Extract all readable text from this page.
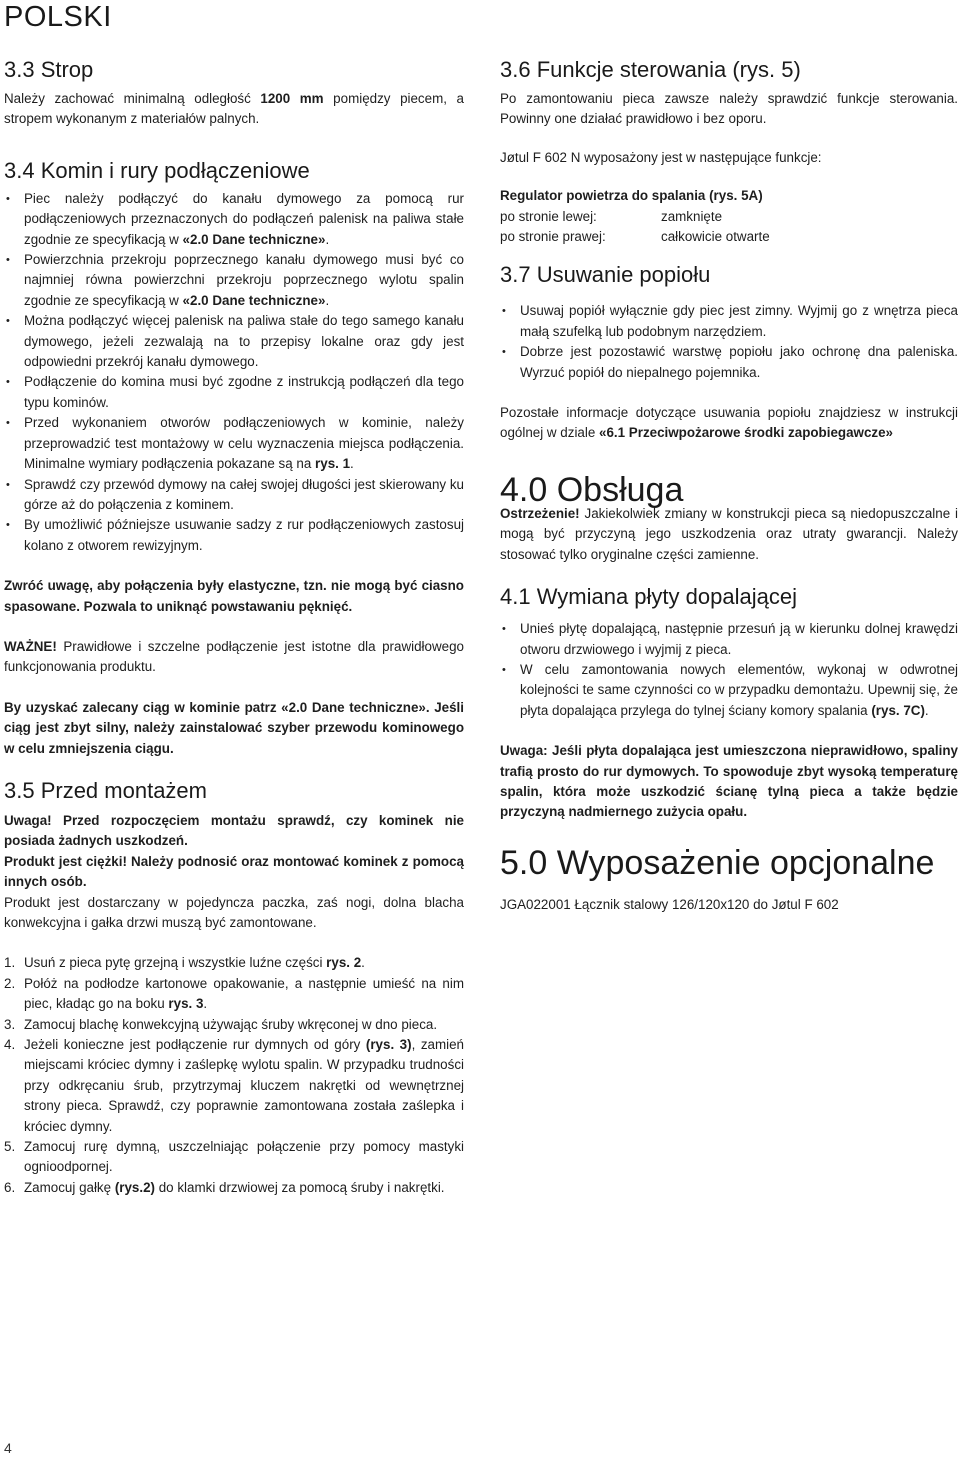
POLSKI
3.3 Strop

Należy zachować minimalną odległość 1200 mm pomiędzy piecem, a stropem wykonanym z materiałów palnych.

3.4 Komin i rury podłączeniowe
• Piec należy podłączyć do kanału dymowego za pomocą rur podłączeniowych przeznaczonych do podłączeń palenisk na paliwa stałe zgodnie ze specyfikacją w «2.0 Dane techniczne».
• Powierzchnia przekroju poprzecznego kanału dymowego musi być co najmniej równa powierzchni przekroju poprzecznego wylotu spalin zgodnie ze specyfikacją w «2.0 Dane techniczne».
• Można podłączyć więcej palenisk na paliwa stałe do tego samego kanału dymowego, jeżeli zezwalają na to przepisy lokalne oraz gdy jest odpowiedni przekrój kanału dymowego.
• Podłączenie do komina musi być zgodne z instrukcją podłączeń dla tego typu kominów.
• Przed wykonaniem otworów podłączeniowych w kominie, należy przeprowadzić test montażowy w celu wyznaczenia miejsca podłączenia. Minimalne wymiary podłączenia pokazane są na rys. 1.
• Sprawdź czy przewód dymowy na całej swojej długości jest skierowany ku górze aż do połączenia z kominem.
• By umożliwić późniejsze usuwanie sadzy z rur podłączeniowych zastosuj kolano z otworem rewizyjnym.

Zwróć uwagę, aby połączenia były elastyczne, tzn. nie mogą być ciasno spasowane. Pozwala to uniknąć powstawaniu pęknięć.

WAŻNE! Prawidłowe i szczelne podłączenie jest istotne dla prawidłowego funkcjonowania produktu.

By uzyskać zalecany ciąg w kominie patrz «2.0 Dane techniczne». Jeśli ciąg jest zbyt silny, należy zainstalować szyber przewodu kominowego w celu zmniejszenia ciągu.

3.5 Przed montażem

Uwaga! Przed rozpoczęciem montażu sprawdź, czy kominek nie posiada żadnych uszkodzeń.

Produkt jest ciężki! Należy podnosić oraz montować kominek z pomocą innych osób.

Produkt jest dostarczany w pojedyncza paczka, zaś nogi, dolna blacha konwekcyjna i gałka drzwi muszą być zamontowane.

1. Usuń z pieca pytę grzejną i wszystkie luźne części rys. 2.
2. Połóż na podłodze kartonowe opakowanie, a następnie umieść na nim piec, kładąc go na boku rys. 3.
3. Zamocuj blachę konwekcyjną używając śruby wkręconej w dno pieca.
4. Jeżeli konieczne jest podłączenie rur dymnych od góry (rys. 3), zamień miejscami króciec dymny i zaślepkę wylotu spalin. W przypadku trudności przy odkręcaniu śrub, przytrzymaj kluczem nakrętki od wewnętrznej strony pieca. Sprawdź, czy poprawnie zamontowana została zaślepka i króciec dymny.
5. Zamocuj rurę dymną, uszczelniając połączenie przy pomocy mastyki ognioodpornej.
6. Zamocuj gałkę (rys.2) do klamki drzwiowej za pomocą śruby i nakrętki.
3.6 Funkcje sterowania (rys. 5)

Po zamontowaniu pieca zawsze należy sprawdzić funkcje sterowania. Powinny one działać prawidłowo i bez oporu.

Jøtul F 602 N wyposażony jest w następujące funkcje:

Regulator powietrza do spalania (rys. 5A)

po stronie lewej:	zamknięte
po stronie prawej:	całkowicie otwarte
3.7 Usuwanie popiołu
• Usuwaj popiół wyłącznie gdy piec jest zimny. Wyjmij go z wnętrza pieca małą szufelką lub podobnym narzędziem.
• Dobrze jest pozostawić warstwę popiołu jako ochronę dna paleniska. Wyrzuć popiół do niepalnego pojemnika.

Pozostałe informacje dotyczące usuwania popiołu znajdziesz w instrukcji ogólnej w dziale «6.1 Przeciwpożarowe środki zapobiegawcze»

4.0 Obsługa

Ostrzeżenie! Jakiekolwiek zmiany w konstrukcji pieca są niedopuszczalne i mogą być przyczyną jego uszkodzenia oraz utraty gwarancji. Należy stosować tylko oryginalne części zamienne.

4.1 Wymiana płyty dopalającej
• Unieś płytę dopalającą, następnie przesuń ją w kierunku dolnej krawędzi otworu drzwiowego i wyjmij z pieca.
• W celu zamontowania nowych elementów, wykonaj w odwrotnej kolejności te same czynności co w przypadku demontażu. Upewnij się, że płyta dopalająca przylega do tylnej ściany komory spalania (rys. 7C).

Uwaga: Jeśli płyta dopalająca jest umieszczona nieprawidłowo, spaliny trafią prosto do rur dymowych. To spowoduje zbyt wysoką temperaturę spalin, która może uszkodzić ścianę tylną pieca a także będzie przyczyną nadmiernego zużycia opału.

5.0 Wyposażenie opcjonalne

JGA022001 Łącznik stalowy 126/120x120 do Jøtul F 602

4
